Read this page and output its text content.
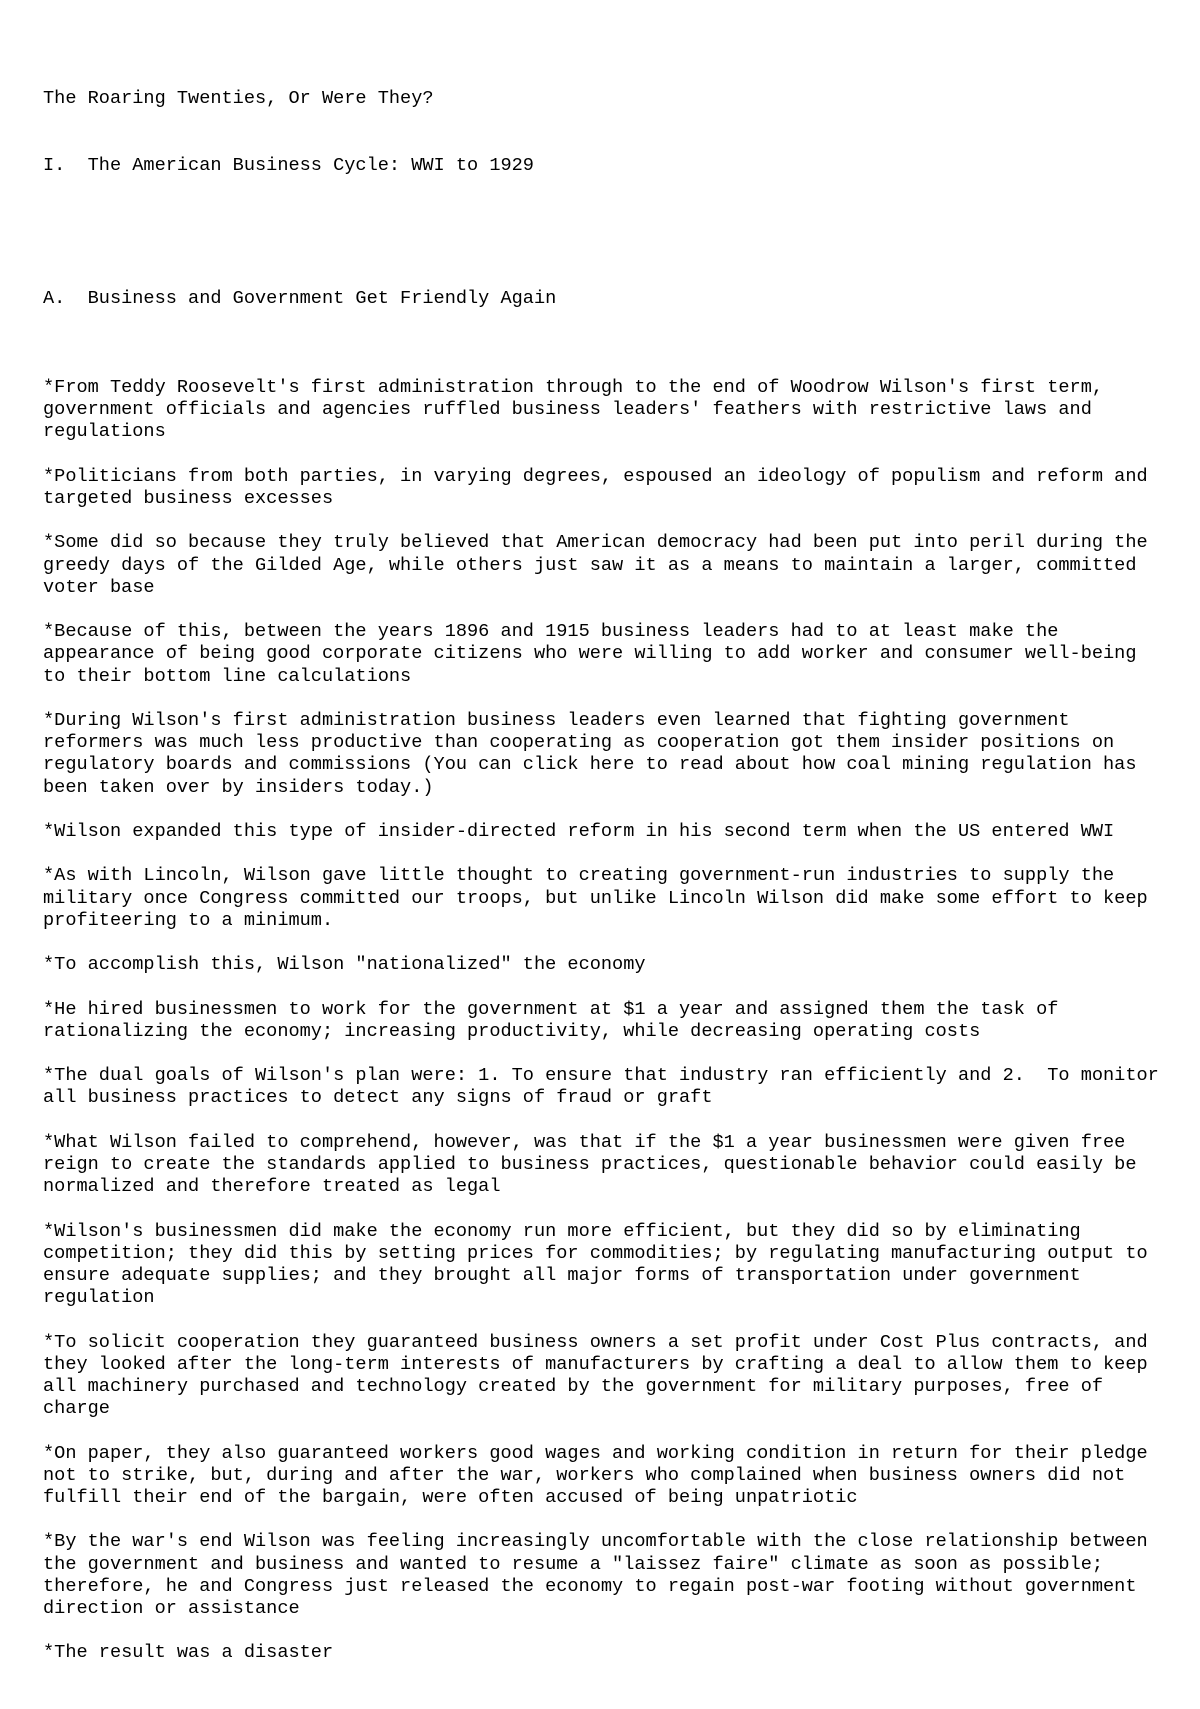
The Roaring Twenties, Or Were They?

I.  The American Business Cycle: WWI to 1929

A.  Business and Government Get Friendly Again

*From Teddy Roosevelt's first administration through to the end of Woodrow Wilson's first term, government officials and agencies ruffled business leaders' feathers with restrictive laws and regulations
*Politicians from both parties, in varying degrees, espoused an ideology of populism and reform and targeted business excesses
*Some did so because they truly believed that American democracy had been put into peril during the greedy days of the Gilded Age, while others just saw it as a means to maintain a larger, committed voter base
*Because of this, between the years 1896 and 1915 business leaders had to at least make the appearance of being good corporate citizens who were willing to add worker and consumer well-being to their bottom line calculations
*During Wilson's first administration business leaders even learned that fighting government reformers was much less productive than cooperating as cooperation got them insider positions on regulatory boards and commissions (You can click here to read about how coal mining regulation has been taken over by insiders today.)
*Wilson expanded this type of insider-directed reform in his second term when the US entered WWI
*As with Lincoln, Wilson gave little thought to creating government-run industries to supply the military once Congress committed our troops, but unlike Lincoln Wilson did make some effort to keep profiteering to a minimum.
*To accomplish this, Wilson "nationalized" the economy
*He hired businessmen to work for the government at $1 a year and assigned them the task of rationalizing the economy; increasing productivity, while decreasing operating costs
*The dual goals of Wilson's plan were: 1. To ensure that industry ran efficiently and 2.  To monitor all business practices to detect any signs of fraud or graft
*What Wilson failed to comprehend, however, was that if the $1 a year businessmen were given free reign to create the standards applied to business practices, questionable behavior could easily be normalized and therefore treated as legal
*Wilson's businessmen did make the economy run more efficient, but they did so by eliminating competition; they did this by setting prices for commodities; by regulating manufacturing output to ensure adequate supplies; and they brought all major forms of transportation under government regulation
*To solicit cooperation they guaranteed business owners a set profit under Cost Plus contracts, and they looked after the long-term interests of manufacturers by crafting a deal to allow them to keep all machinery purchased and technology created by the government for military purposes, free of charge
*On paper, they also guaranteed workers good wages and working condition in return for their pledge not to strike, but, during and after the war, workers who complained when business owners did not fulfill their end of the bargain, were often accused of being unpatriotic
*By the war's end Wilson was feeling increasingly uncomfortable with the close relationship between the government and business and wanted to resume a "laissez faire" climate as soon as possible; therefore, he and Congress just released the economy to regain post-war footing without government direction or assistance
*The result was a disaster
